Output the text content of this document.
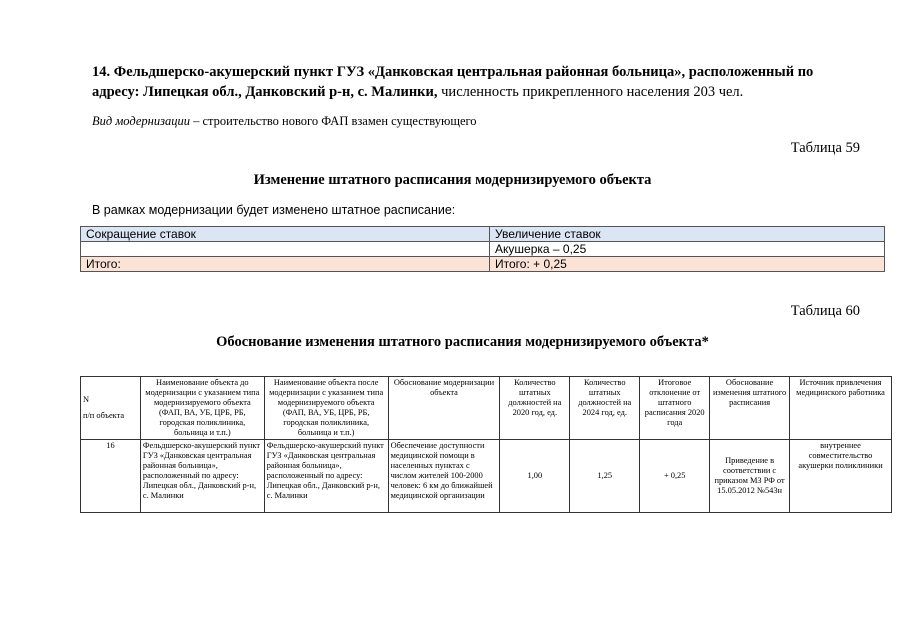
14. Фельдшерско-акушерский пункт ГУЗ «Данковская центральная районная больница», расположенный по адресу: Липецкая обл., Данковский р-н, с. Малинки, численность прикрепленного населения 203 чел.
Вид модернизации – строительство нового ФАП взамен существующего
Таблица 59
Изменение штатного расписания модернизируемого объекта
В рамках модернизации будет изменено штатное расписание:
Сокращение ставок	Увеличение ставок
	Акушерка – 0,25
Итого:	Итого: + 0,25
Таблица 60
Обоснование изменения штатного расписания модернизируемого объекта*
N
п/п объекта	Наименование объекта до модернизации с указанием типа модернизируемого объекта (ФАП, ВА, УБ, ЦРБ, РБ, городская поликлиника, больница и т.п.)	Наименование объекта после модернизации с указанием типа модернизируемого объекта (ФАП, ВА, УБ, ЦРБ, РБ, городская поликлиника, больница и т.п.)	Обоснование модернизации объекта	Количество штатных должностей на 2020 год, ед.	Количество штатных должностей на 2024 год, ед.	Итоговое отклонение от штатного расписания 2020 года	Обоснование изменения штатного расписания	Источник привлечения медицинского работника
16	Фельдшерско-акушерский пункт ГУЗ «Данковская центральная районная больница», расположенный по адресу: Липецкая обл., Данковский р-н, с. Малинки	Фельдшерско-акушерский пункт ГУЗ «Данковская центральная районная больница», расположенный по адресу: Липецкая обл., Данковский р-н, с. Малинки	Обеспечение доступности медицинской помощи в населенных пунктах с числом жителей 100-2000 человек: 6 км до ближайшей медицинской организации	1,00	1,25	+ 0,25	Приведение в соответствии с приказом МЗ РФ от 15.05.2012 №543н	внутреннее совместительство акушерки поликлиники
